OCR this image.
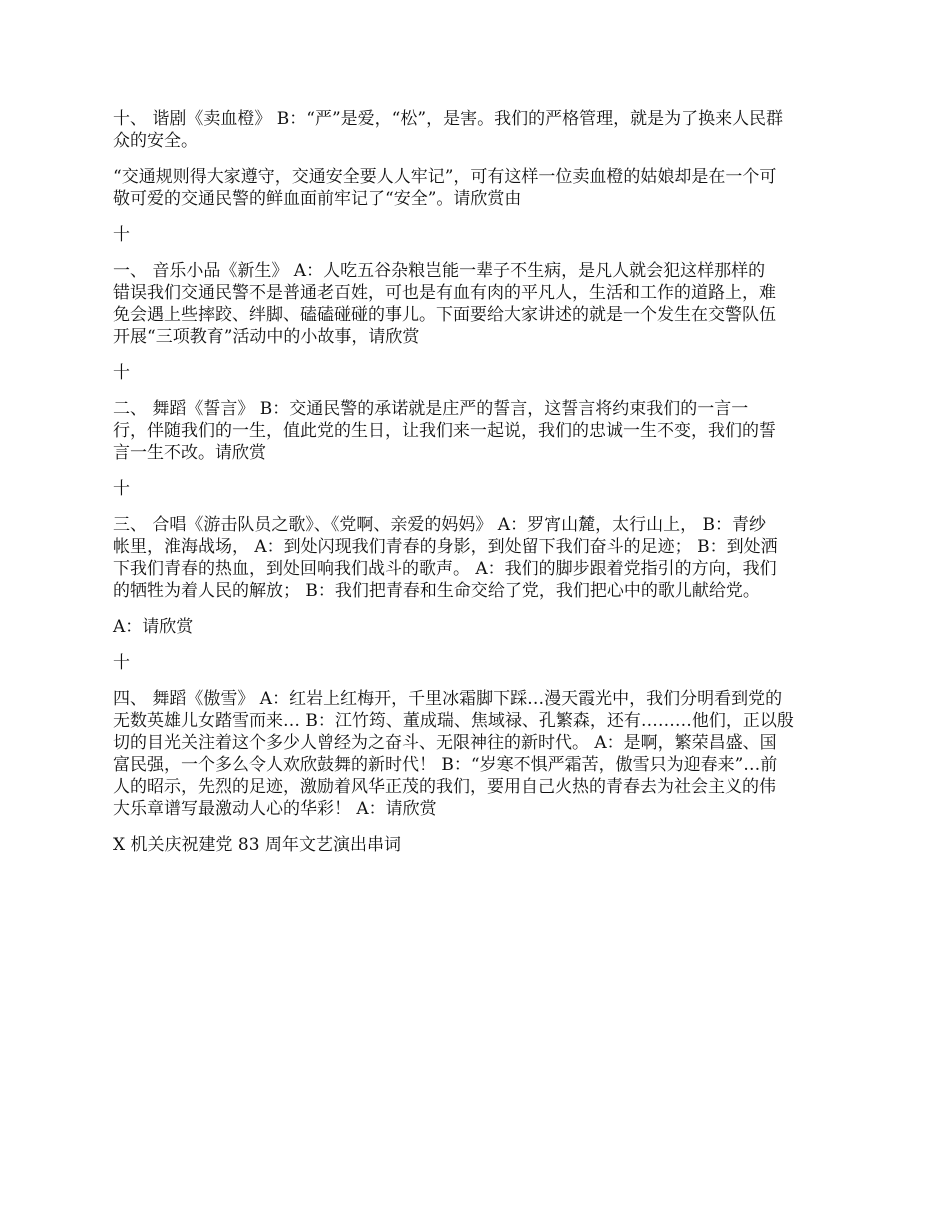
十、 谐剧《卖血橙》 B：“严”是爱，“松”，是害。我们的严格管理，就是为了换来人民群
众的安全。

“交通规则得大家遵守，交通安全要人人牢记”，可有这样一位卖血橙的姑娘却是在一个可
敬可爱的交通民警的鲜血面前牢记了“安全”。请欣赏由

十

一、 音乐小品《新生》 A：人吃五谷杂粮岂能一辈子不生病，是凡人就会犯这样那样的
错误我们交通民警不是普通老百姓，可也是有血有肉的平凡人，生活和工作的道路上，难
免会遇上些摔跤、绊脚、磕磕碰碰的事儿。下面要给大家讲述的就是一个发生在交警队伍
开展“三项教育”活动中的小故事，请欣赏

十

二、 舞蹈《誓言》 B：交通民警的承诺就是庄严的誓言，这誓言将约束我们的一言一
行，伴随我们的一生，值此党的生日，让我们来一起说，我们的忠诚一生不变，我们的誓
言一生不改。请欣赏

十

三、 合唱《游击队员之歌》、《党啊、亲爱的妈妈》 A：罗宵山麓，太行山上， B：青纱
帐里，淮海战场， A：到处闪现我们青春的身影，到处留下我们奋斗的足迹； B：到处洒
下我们青春的热血，到处回响我们战斗的歌声。 A：我们的脚步跟着党指引的方向，我们
的牺牲为着人民的解放； B：我们把青春和生命交给了党，我们把心中的歌儿献给党。

A：请欣赏

十

四、 舞蹈《傲雪》 A：红岩上红梅开，千里冰霜脚下踩…漫天霞光中，我们分明看到党的
无数英雄儿女踏雪而来… B：江竹筠、董成瑞、焦域禄、孔繁森，还有………他们，正以殷
切的目光关注着这个多少人曾经为之奋斗、无限神往的新时代。 A：是啊，繁荣昌盛、国
富民强，一个多么令人欢欣鼓舞的新时代！ B：“岁寒不惧严霜苦，傲雪只为迎春来”…前
人的昭示，先烈的足迹，激励着风华正茂的我们，要用自己火热的青春去为社会主义的伟
大乐章谱写最激动人心的华彩！ A：请欣赏

X 机关庆祝建党 83 周年文艺演出串词
